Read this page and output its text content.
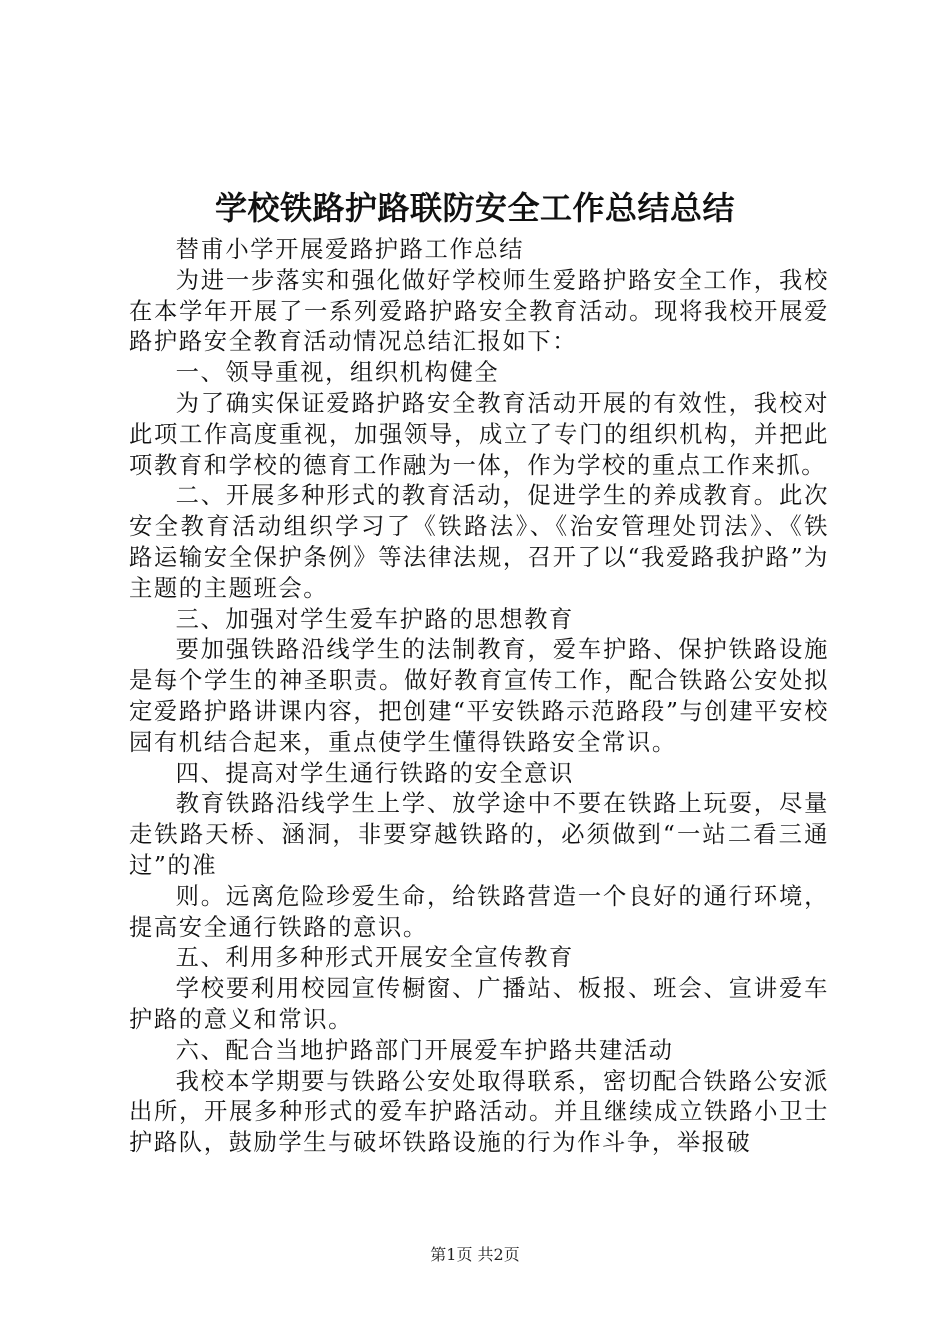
学校铁路护路联防安全工作总结总结

替甫小学开展爱路护路工作总结

为进一步落实和强化做好学校师生爱路护路安全工作，我校在本学年开展了一系列爱路护路安全教育活动。现将我校开展爱路护路安全教育活动情况总结汇报如下：

一、领导重视，组织机构健全

为了确实保证爱路护路安全教育活动开展的有效性，我校对此项工作高度重视，加强领导，成立了专门的组织机构，并把此项教育和学校的德育工作融为一体，作为学校的重点工作来抓。

二、开展多种形式的教育活动，促进学生的养成教育。此次安全教育活动组织学习了《铁路法》、《治安管理处罚法》、《铁路运输安全保护条例》等法律法规，召开了以“我爱路我护路”为主题的主题班会。

三、加强对学生爱车护路的思想教育

要加强铁路沿线学生的法制教育，爱车护路、保护铁路设施是每个学生的神圣职责。做好教育宣传工作，配合铁路公安处拟定爱路护路讲课内容，把创建“平安铁路示范路段”与创建平安校园有机结合起来，重点使学生懂得铁路安全常识。

四、提高对学生通行铁路的安全意识

教育铁路沿线学生上学、放学途中不要在铁路上玩耍，尽量走铁路天桥、涵洞，非要穿越铁路的，必须做到“一站二看三通过”的准

则。远离危险珍爱生命，给铁路营造一个良好的通行环境，提高安全通行铁路的意识。

五、利用多种形式开展安全宣传教育

学校要利用校园宣传橱窗、广播站、板报、班会、宣讲爱车护路的意义和常识。

六、配合当地护路部门开展爱车护路共建活动

我校本学期要与铁路公安处取得联系，密切配合铁路公安派出所，开展多种形式的爱车护路活动。并且继续成立铁路小卫士护路队，鼓励学生与破坏铁路设施的行为作斗争，举报破

第1页 共2页
